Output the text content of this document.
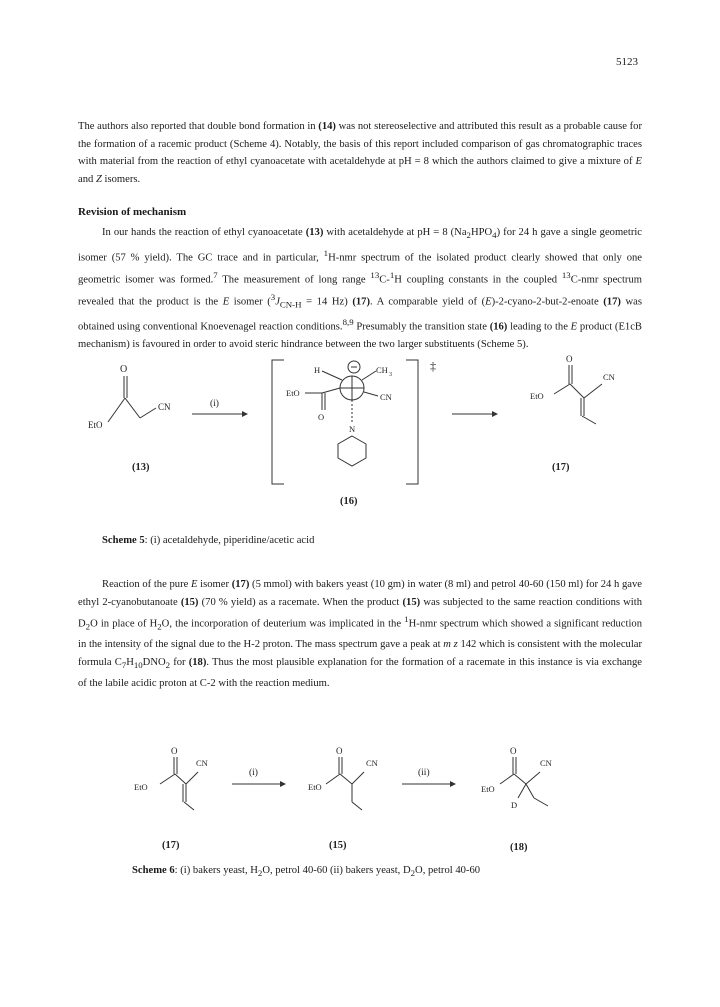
5123

The authors also reported that double bond formation in (14) was not stereoselective and attributed this result as a probable cause for the formation of a racemic product (Scheme 4). Notably, the basis of this report included comparison of gas chromatographic traces with material from the reaction of ethyl cyanoacetate with acetaldehyde at pH = 8 which the authors claimed to give a mixture of E and Z isomers.

Revision of mechanism

In our hands the reaction of ethyl cyanoacetate (13) with acetaldehyde at pH = 8 $(Na_2HPO_4)$ for 24 h gave a single geometric isomer (57 % yield). The GC trace and in particular, $^1$H-nmr spectrum of the isolated product clearly showed that only one geometric isomer was formed.$^7$ The measurement of long range $^{13}$C-$^1$H coupling constants in the coupled $^{13}$C-nmr spectrum revealed that the product is the E isomer ($^3J_{CN-H} = 14$ Hz) (17). A comparable yield of (E)-2-cyano-2-but-2-enoate (17) was obtained using conventional Knoevenagel reaction conditions.$^{8,9}$ Presumably the transition state (16) leading to the E product (E1cB mechanism) is favoured in order to avoid steric hindrance between the two larger substituents (Scheme 5).

O
CN
EtO
(i)
‡
H	CH 3
EtO
O
CN
N
O
EtO
CN
(13)
(16)
(17)
Scheme 5: (i) acetaldehyde, piperidine/acetic acid

Reaction of the pure E isomer (17) (5 mmol) with bakers yeast (10 gm) in water (8 ml) and petrol 40-60 (150 ml) for 24 h gave ethyl 2-cyanobutanoate (15) (70 % yield) as a racemate. When the product (15) was subjected to the same reaction conditions with $D_2O$ in place of $H_2O$, the incorporation of deuterium was implicated in the $^1$H-nmr spectrum which showed a significant reduction in the intensity of the signal due to the H-2 proton. The mass spectrum gave a peak at m z 142 which is consistent with the molecular formula $C_7H_{10}DNO_2$ for (18). Thus the most plausible explanation for the formation of a racemate in this instance is via exchange of the labile acidic proton at C-2 with the reaction medium.

O
EtO
CN
(i)
O
EtO
CN
(ii)
O
EtO
CN
D
(17)	(15)	(18)
Scheme 6: (i) bakers yeast, $H_2O$, petrol 40-60 (ii) bakers yeast, $D_2O$, petrol 40-60
